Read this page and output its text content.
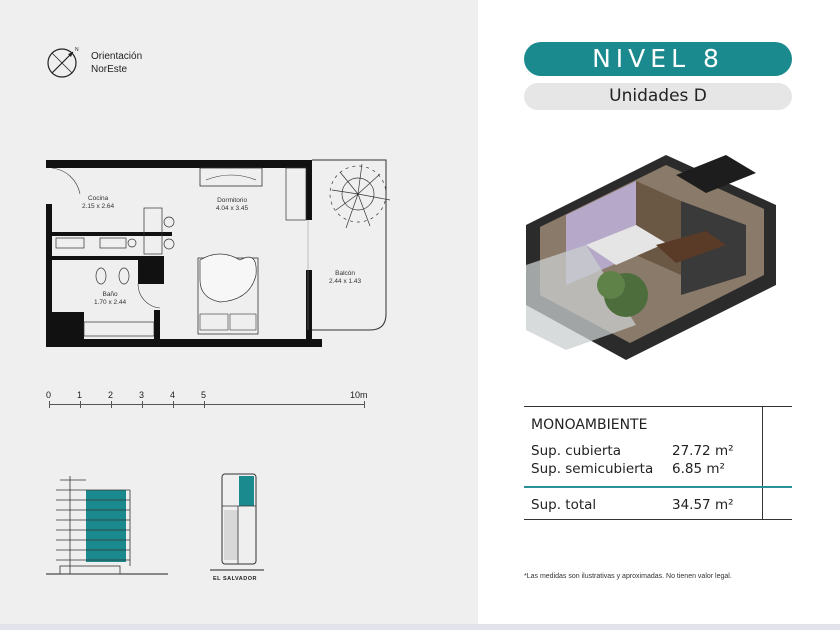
N
Orientación
NorEste
Cocina
2.15 x 2.64
Dormitorio
4.04 x 3.45
Baño
1.70 x 2.44
Balcón
2.44 x 1.43
0	1	2	3	4	5	10m
EL SALVADOR
NIVEL 8
Unidades D
MONOAMBIENTE
Sup. cubierta	27.72 m²
Sup. semicubierta 6.85 m²
Sup. total	34.57 m²
*Las medidas son ilustrativas y aproximadas. No tienen valor legal.
